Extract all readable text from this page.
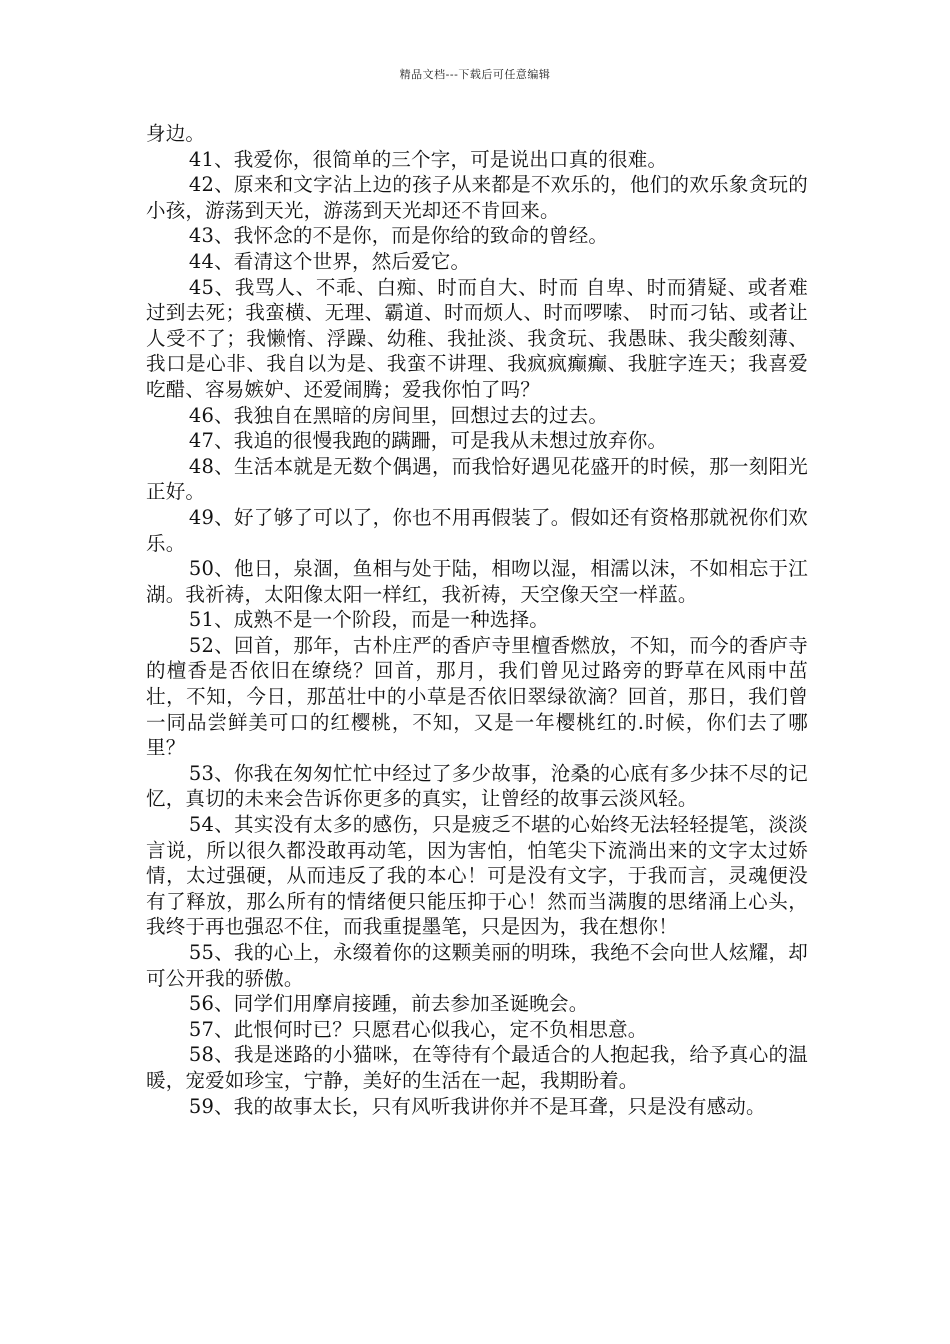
精品文档---下载后可任意编辑

身边。

41、我爱你，很简单的三个字，可是说出口真的很难。

42、原来和文字沾上边的孩子从来都是不欢乐的，他们的欢乐象贪玩的小孩，游荡到天光，游荡到天光却还不肯回来。

43、我怀念的不是你，而是你给的致命的曾经。

44、看清这个世界，然后爱它。

45、我骂人、不乖、白痴、时而自大、时而 自卑、时而猜疑、或者难过到去死；我蛮横、无理、霸道、时而烦人、时而啰嗦、 时而刁钻、或者让人受不了；我懒惰、浮躁、幼稚、我扯淡、我贪玩、我愚昧、我尖酸刻薄、我口是心非、我自以为是、我蛮不讲理、我疯疯癫癫、我脏字连天；我喜爱吃醋、容易嫉妒、还爱闹腾；爱我你怕了吗？

46、我独自在黑暗的房间里，回想过去的过去。

47、我追的很慢我跑的蹒跚，可是我从未想过放弃你。

48、生活本就是无数个偶遇，而我恰好遇见花盛开的时候，那一刻阳光正好。

49、好了够了可以了，你也不用再假装了。假如还有资格那就祝你们欢乐。

50、他日，泉涸，鱼相与处于陆，相吻以湿，相濡以沫，不如相忘于江湖。我祈祷，太阳像太阳一样红，我祈祷，天空像天空一样蓝。

51、成熟不是一个阶段，而是一种选择。

52、回首，那年，古朴庄严的香庐寺里檀香燃放，不知，而今的香庐寺的檀香是否依旧在缭绕？回首，那月，我们曾见过路旁的野草在风雨中茁壮，不知，今日，那茁壮中的小草是否依旧翠绿欲滴？回首，那日，我们曾一同品尝鲜美可口的红樱桃，不知，又是一年樱桃红的.时候，你们去了哪里？

53、你我在匆匆忙忙中经过了多少故事，沧桑的心底有多少抹不尽的记忆，真切的未来会告诉你更多的真实，让曾经的故事云淡风轻。

54、其实没有太多的感伤，只是疲乏不堪的心始终无法轻轻提笔，淡淡言说，所以很久都没敢再动笔，因为害怕，怕笔尖下流淌出来的文字太过娇情，太过强硬，从而违反了我的本心！可是没有文字，于我而言，灵魂便没有了释放，那么所有的情绪便只能压抑于心！然而当满腹的思绪涌上心头，我终于再也强忍不住，而我重提墨笔，只是因为，我在想你！

55、我的心上，永缀着你的这颗美丽的明珠，我绝不会向世人炫耀，却可公开我的骄傲。

56、同学们用摩肩接踵，前去参加圣诞晚会。

57、此恨何时已？只愿君心似我心，定不负相思意。

58、我是迷路的小猫咪，在等待有个最适合的人抱起我，给予真心的温暖，宠爱如珍宝，宁静，美好的生活在一起，我期盼着。

59、我的故事太长，只有风听我讲你并不是耳聋，只是没有感动。
